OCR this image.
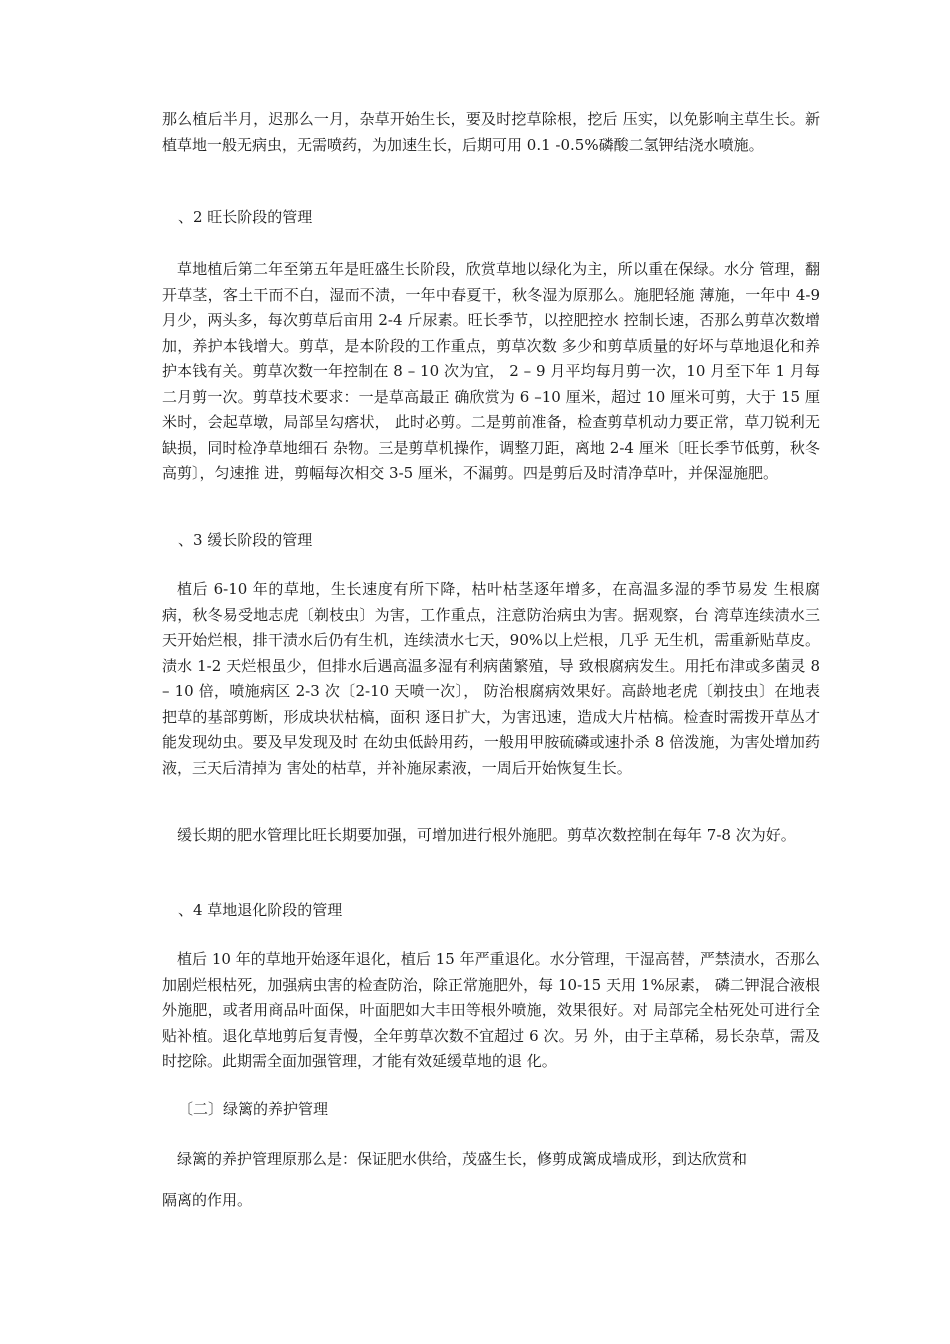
那么植后半月，迟那么一月，杂草开始生长，要及时挖草除根，挖后 压实，以免影响主草生长。新植草地一般无病虫，无需喷药，为加速生长，后期可用 0.1 -0.5%磷酸二氢钾结浇水喷施。

、2 旺长阶段的管理

草地植后第二年至第五年是旺盛生长阶段，欣赏草地以绿化为主，所以重在保绿。水分 管理，翻开草茎，客土干而不白，湿而不渍，一年中春夏干，秋冬湿为原那么。施肥轻施 薄施，一年中 4-9 月少，两头多，每次剪草后亩用 2-4 斤尿素。旺长季节，以控肥控水 控制长速，否那么剪草次数增加，养护本钱增大。剪草，是本阶段的工作重点，剪草次数 多少和剪草质量的好坏与草地退化和养护本钱有关。剪草次数一年控制在 8 – 10 次为宜， 2 – 9 月平均每月剪一次，10 月至下年 1 月每二月剪一次。剪草技术要求：一是草高最正 确欣赏为 6 –10 厘米，超过 10 厘米可剪，大于 15 厘米时，会起草墩，局部呈勾瘩状， 此时必剪。二是剪前准备，检查剪草机动力要正常，草刀锐利无缺损，同时检净草地细石 杂物。三是剪草机操作，调整刀距，离地 2-4 厘米〔旺长季节低剪，秋冬高剪〕，匀速推 进，剪幅每次相交 3-5 厘米，不漏剪。四是剪后及时清净草叶，并保湿施肥。

、3 缓长阶段的管理

植后 6-10 年的草地，生长速度有所下降，枯叶枯茎逐年增多，在高温多湿的季节易发 生根腐病，秋冬易受地志虎〔剃枝虫〕为害，工作重点，注意防治病虫为害。据观察，台 湾草连续渍水三天开始烂根，排干渍水后仍有生机，连续渍水七天，90%以上烂根，几乎 无生机，需重新贴草皮。渍水 1-2 天烂根虽少，但排水后遇高温多湿有利病菌繁殖，导 致根腐病发生。用托布津或多菌灵 8 – 10 倍，喷施病区 2-3 次〔2-10 天喷一次〕， 防治根腐病效果好。高龄地老虎〔剃技虫〕在地表把草的基部剪断，形成块状枯槁，面积 逐日扩大，为害迅速，造成大片枯槁。检查时需拨开草丛才能发现幼虫。要及早发现及时 在幼虫低龄用药，一般用甲胺硫磷或速扑杀 8 倍泼施，为害处增加药液，三天后清掉为 害处的枯草，并补施尿素液，一周后开始恢复生长。

缓长期的肥水管理比旺长期要加强，可增加进行根外施肥。剪草次数控制在每年 7-8 次为好。

、4 草地退化阶段的管理

植后 10 年的草地开始逐年退化，植后 15 年严重退化。水分管理，干湿高替，严禁渍水，否那么加剧烂根枯死，加强病虫害的检查防治，除正常施肥外，每 10-15 天用 1%尿素， 磷二钾混合液根外施肥，或者用商品叶面保，叶面肥如大丰田等根外喷施，效果很好。对 局部完全枯死处可进行全贴补植。退化草地剪后复青慢，全年剪草次数不宜超过 6 次。另 外，由于主草稀，易长杂草，需及时挖除。此期需全面加强管理，才能有效延缓草地的退 化。

〔二〕绿篱的养护管理

绿篱的养护管理原那么是：保证肥水供给，茂盛生长，修剪成篱成墙成形，到达欣赏和

隔离的作用。
